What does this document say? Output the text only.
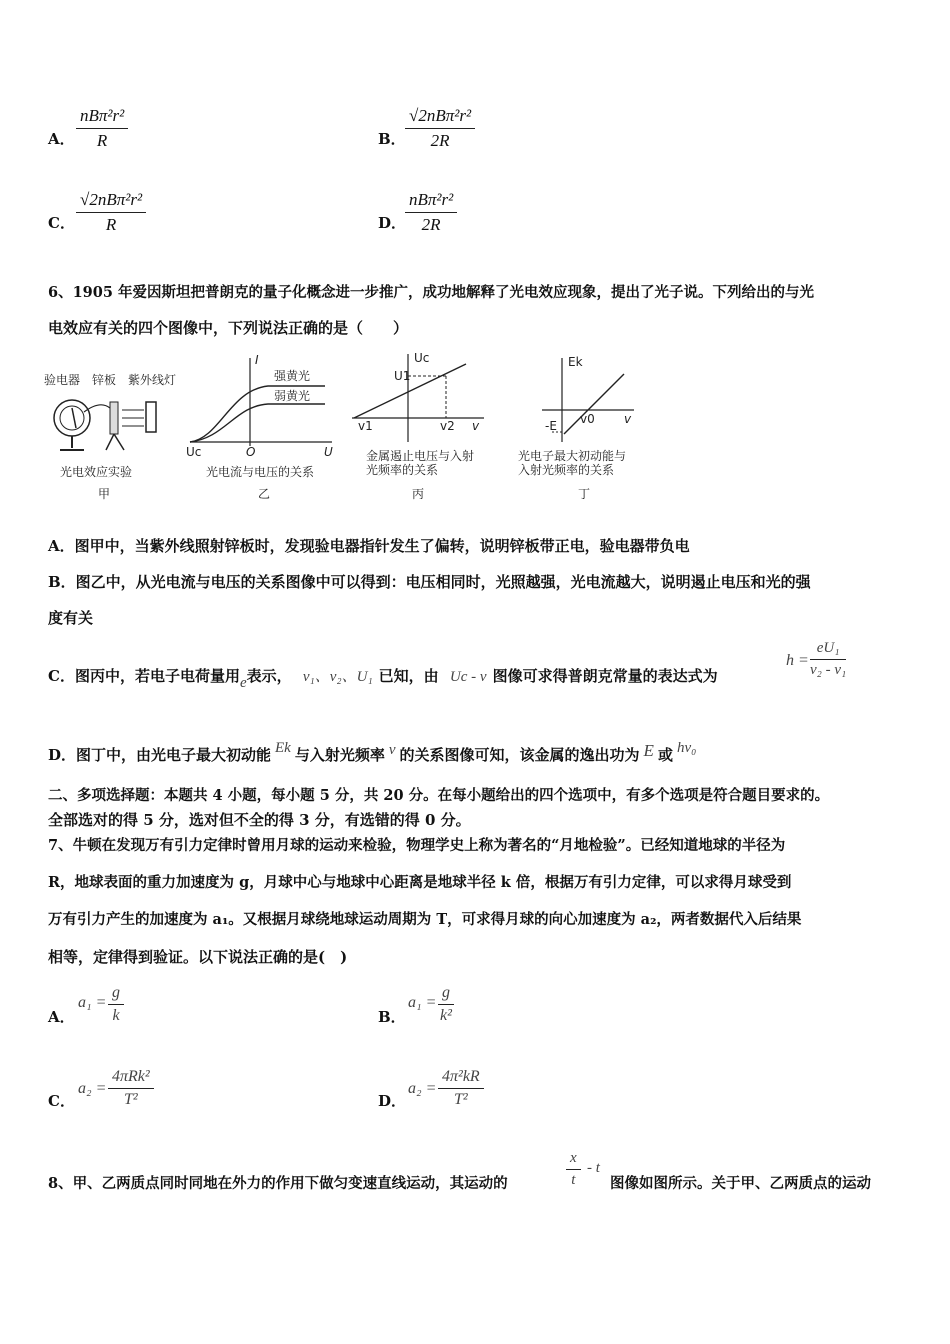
A．
nBπ²r²
R	B．
√2nBπ²r²
2R
C．
√2nBπ²r²
R	D．
nBπ²r²
2R
6、1905 年爱因斯坦把普朗克的量子化概念进一步推广，成功地解释了光电效应现象，提出了光子说。下列给出的与光
电效应有关的四个图像中，下列说法正确的是（　　）
验电器 锌板 紫外线灯
光电效应实验
甲
I
强黄光
弱黄光
Uc	O	U
光电流与电压的关系
乙
Uc
U1
v1	v2 v
金属遏止电压与入射
光频率的关系
丙
Ek
-E v0 v
光电子最大初动能与
入射光频率的关系
丁
A．图甲中，当紫外线照射锌板时，发现验电器指针发生了偏转，说明锌板带正电，验电器带负电
B．图乙中，从光电流与电压的关系图像中可以得到：电压相同时，光照越强，光电流越大，说明遏止电压和光的强
度有关
C．图丙中，若电子电荷量用e表示， v₁、v₂、U₁ 已知，由 Uc - v 图像可求得普朗克常量的表达式为
$h = \frac{\text{eU₁}}{\text{v₂ - v₁}}$
D．图丁中，由光电子最大初动能 Ek 与入射光频率 v 的关系图像可知，该金属的逸出功为 E 或 hv₀
二、多项选择题：本题共 4 小题，每小题 5 分，共 20 分。在每小题给出的四个选项中，有多个选项是符合题目要求的。
全部选对的得 5 分，选对但不全的得 3 分，有选错的得 0 分。
7、牛顿在发现万有引力定律时曾用月球的运动来检验，物理学史上称为著名的“月地检验”。已经知道地球的半径为
R，地球表面的重力加速度为 g，月球中心与地球中心距离是地球半径 k 倍，根据万有引力定律，可以求得月球受到
万有引力产生的加速度为 a₁。又根据月球绕地球运动周期为 T，可求得月球的向心加速度为 a₂，两者数据代入后结果
相等，定律得到验证。以下说法正确的是(　)
A．
$a_1 = \frac{g}{k}$	B．
$a_1 = \frac{g}{\text{k²}}$
C．
a₂ =
4πRk²
T²	D．
$a_2 = \frac{\text{4π²kR}}{\text{T²}}$
8、甲、乙两质点同时同地在外力的作用下做匀变速直线运动，其运动的	$\frac{x}{t}$ - t
图像如图所示。关于甲、乙两质点的运动
